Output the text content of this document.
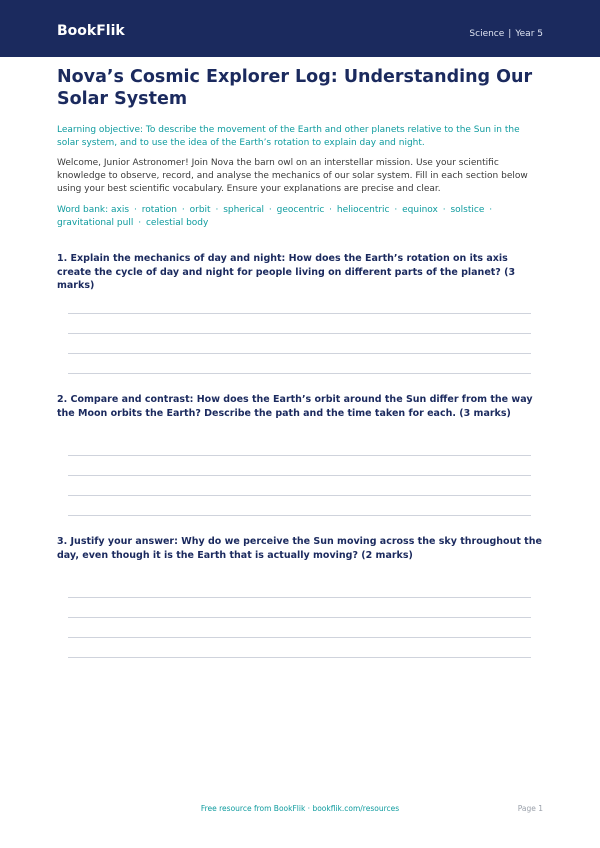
BookFlik	Science | Year 5
Nova’s Cosmic Explorer Log: Understanding Our Solar System

Learning objective: To describe the movement of the Earth and other planets relative to the Sun in the solar system, and to use the idea of the Earth’s rotation to explain day and night.

Welcome, Junior Astronomer! Join Nova the barn owl on an interstellar mission. Use your scientific knowledge to observe, record, and analyse the mechanics of our solar system. Fill in each section below using your best scientific vocabulary. Ensure your explanations are precise and clear.

Word bank: axis · rotation · orbit · spherical · geocentric · heliocentric · equinox · solstice · gravitational pull · celestial body

1. Explain the mechanics of day and night: How does the Earth’s rotation on its axis create the cycle of day and night for people living on different parts of the planet? (3 marks)
2. Compare and contrast: How does the Earth’s orbit around the Sun differ from the way the Moon orbits the Earth? Describe the path and the time taken for each. (3 marks)
3. Justify your answer: Why do we perceive the Sun moving across the sky throughout the day, even though it is the Earth that is actually moving? (2 marks)
Free resource from BookFlik · bookflik.com/resources	Page 1
